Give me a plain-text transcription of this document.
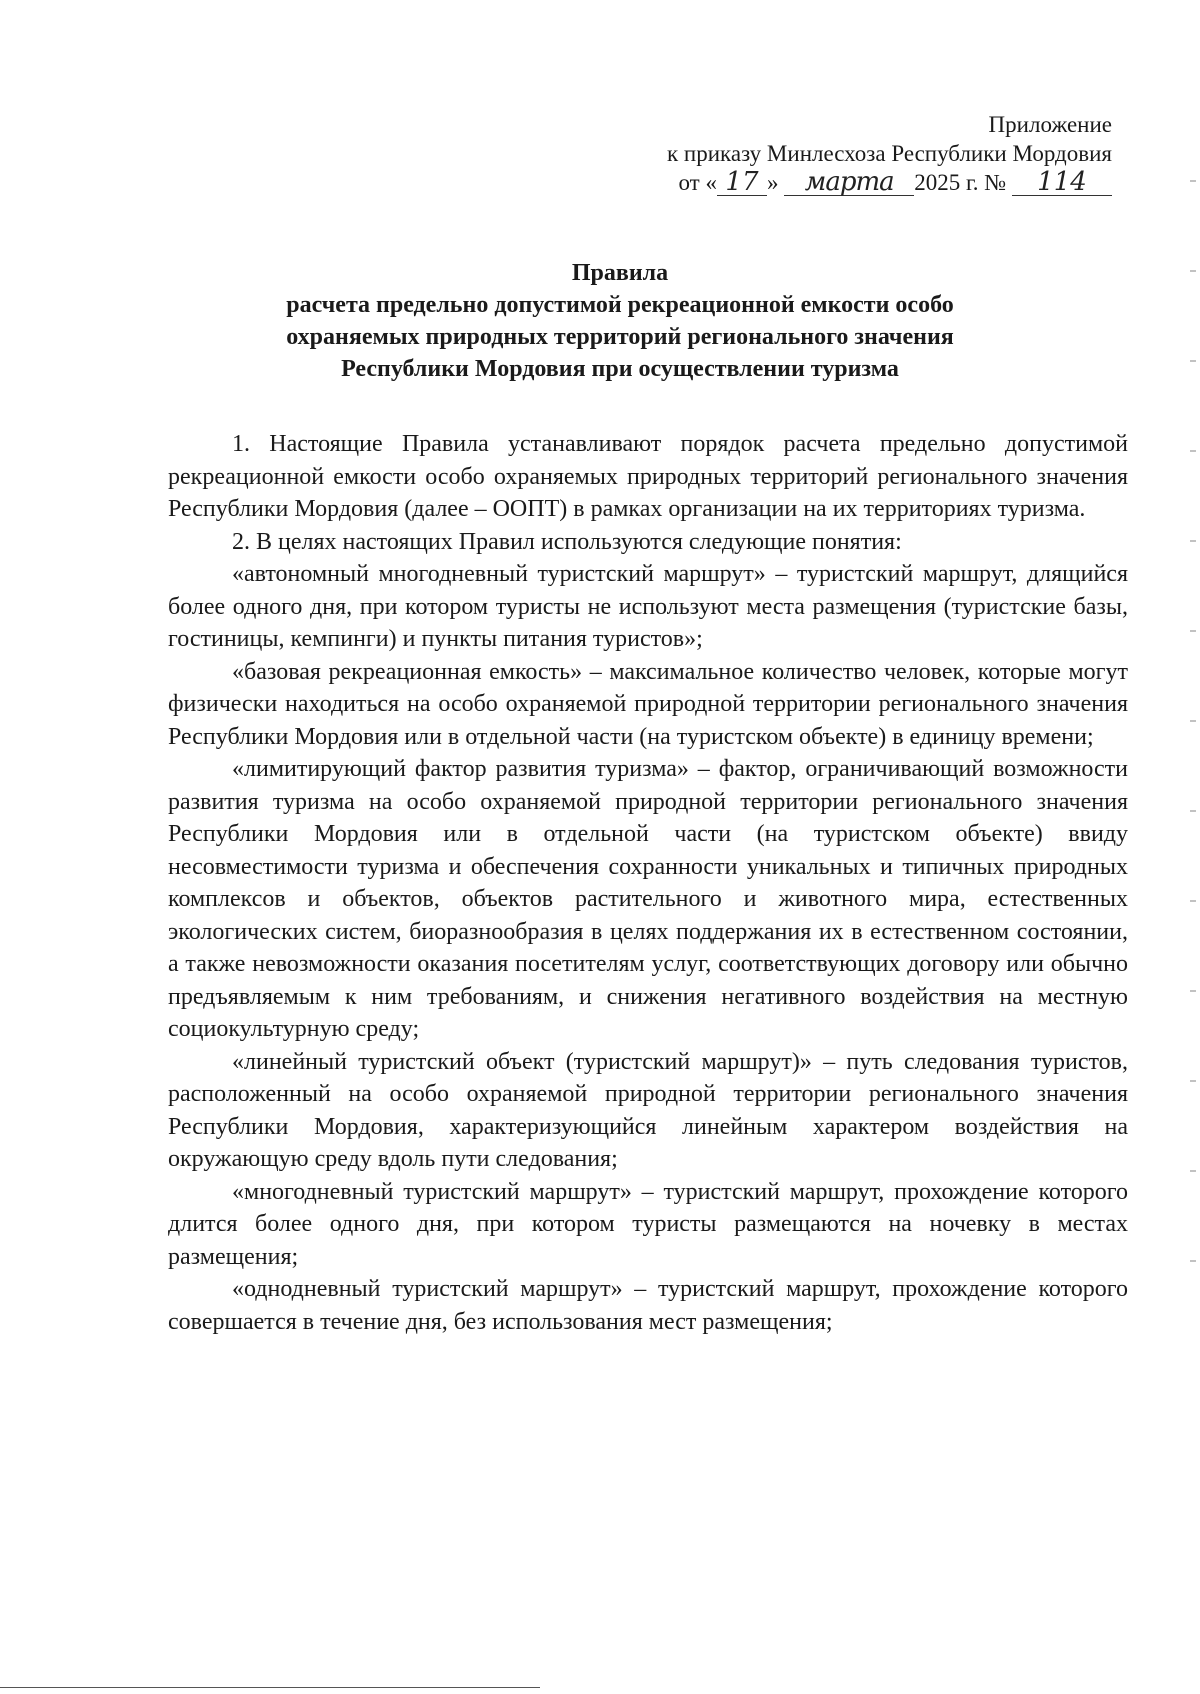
Приложение
к приказу Минлесхоза Республики Мордовия
от « 17 » марта 2025 г. № 114
Правила
расчета предельно допустимой рекреационной емкости особо
охраняемых природных территорий регионального значения
Республики Мордовия при осуществлении туризма

1. Настоящие Правила устанавливают порядок расчета предельно допустимой рекреационной емкости особо охраняемых природных территорий регионального значения Республики Мордовия (далее – ООПТ) в рамках организации на их территориях туризма.

2. В целях настоящих Правил используются следующие понятия:

«автономный многодневный туристский маршрут» – туристский маршрут, длящийся более одного дня, при котором туристы не используют места размещения (туристские базы, гостиницы, кемпинги) и пункты питания туристов»;

«базовая рекреационная емкость» – максимальное количество человек, которые могут физически находиться на особо охраняемой природной территории регионального значения Республики Мордовия или в отдельной части (на туристском объекте) в единицу времени;

«лимитирующий фактор развития туризма» – фактор, ограничивающий возможности развития туризма на особо охраняемой природной территории регионального значения Республики Мордовия или в отдельной части (на туристском объекте) ввиду несовместимости туризма и обеспечения сохранности уникальных и типичных природных комплексов и объектов, объектов растительного и животного мира, естественных экологических систем, биоразнообразия в целях поддержания их в естественном состоянии, а также невозможности оказания посетителям услуг, соответствующих договору или обычно предъявляемым к ним требованиям, и снижения негативного воздействия на местную социокультурную среду;

«линейный туристский объект (туристский маршрут)» – путь следования туристов, расположенный на особо охраняемой природной территории регионального значения Республики Мордовия, характеризующийся линейным характером воздействия на окружающую среду вдоль пути следования;

«многодневный туристский маршрут» – туристский маршрут, прохождение которого длится более одного дня, при котором туристы размещаются на ночевку в местах размещения;

«однодневный туристский маршрут» – туристский маршрут, прохождение которого совершается в течение дня, без использования мест размещения;
